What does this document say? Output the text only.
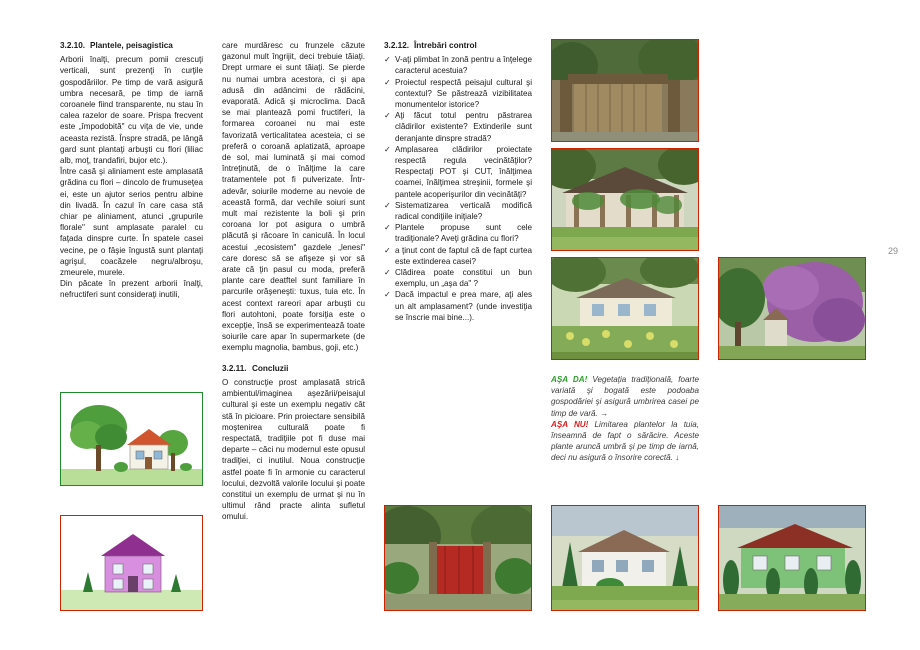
3.2.10. Plantele, peisagistica

Arborii înalţi, precum pomii crescuţi verticali, sunt prezenţi în curţile gospodăriilor. Pe timp de vară asigură umbra necesară, pe timp de iarnă coroanele fiind transparente, nu stau în calea razelor de soare. Prispa frecvent este „împodobită" cu viţa de vie, unde aceasta rezistă. Înspre stradă, pe lângă gard sunt plantaţi arbuşti cu flori (liliac alb, moţ, trandafiri, bujor etc.).

Între casă şi aliniament este amplasată grădina cu flori – dincolo de frumuseţea ei, este un ajutor serios pentru albine din livadă. În cazul în care casa stă chiar pe aliniament, atunci „grupurile florale" sunt amplasate paralel cu faţada dinspre curte. În spatele casei vecine, pe o fâşie îngustă sunt plantaţi agrişul, coacăzele negru/albroşu, zmeurele, murele.

Din păcate în prezent arborii înalţi, nefructiferi sunt consideraţi inutili,

care murdăresc cu frunzele căzute gazonul mult îngrijit, deci trebuie tăiaţi. Drept urmare ei sunt tăiaţi. Se pierde nu numai umbra acestora, ci şi apa adusă din adâncimi de rădăcini, evaporată. Adică şi microclima. Dacă se mai plantează pomi fructiferi, la formarea coroanei nu mai este favorizată verticalitatea acesteia, ci se preferă o coroană aplatizată, aproape de sol, mai luminată şi mai comod întreţinută, de o înălţime la care tratamentele pot fi pulverizate. Într-adevăr, soiurile moderne au nevoie de această formă, dar vechile soiuri sunt mult mai rezistente la boli şi prin coroana lor pot asigura o umbră plăcută şi răcoare în caniculă. În locul acestui „ecosistem" gazdele „lenesi" care doresc să se afişeze şi vor să arate că ţin pasul cu moda, preferă plante care deatftel sunt familiare în parcurile orăşeneşti: tuxus, tuia etc. În acest context rareori apar arbuşti cu flori autohtoni, poate forsiţia este o excepţie, însă se experimentează toate soiurile care apar în supermarkete (de exemplu magnolia, bambus, goji, etc.)

3.2.11. Concluzii

O construcţie prost amplasată strică ambientul/imaginea aşezării/peisajul cultural şi este un exemplu negativ cât stă în picioare. Prin proiectare sensibilă moştenirea culturală poate fi respectată, tradiţiile pot fi duse mai departe – căci nu modernul este opusul tradiţiei, ci inutilul. Noua construcţie astfel poate fi în armonie cu caracterul locului, dezvoltă valorile locului şi poate constitui un exemplu de urmat şi nu în ultimul rând practe alinta sufletul omului.

3.2.12. Întrebări control
✓ V-aţi plimbat în zonă pentru a înţelege caracterul acestuia?
✓ Proiectul respectă peisajul cultural şi contextul? Se păstrează vizibilitatea monumentelor istorice?
✓ Aţi făcut totul pentru păstrarea clădirilor existente? Extinderile sunt deranjante dinspre stradă?
✓ Amplasarea clădirilor proiectate respectă regula vecinătăţilor? Respectaţi POT şi CUT, înălţimea coamei, înălţimea streşinii, formele şi pantele acoperişurilor din vecinătăţi?
✓ Sistematizarea verticală modifică radical condiţiile iniţiale?
✓ Plantele propuse sunt cele tradiţionale? Aveţi grădina cu flori?
✓ a ţinut cont de faptul că de fapt curtea este extinderea casei?
✓ Clădirea poate constitui un bun exemplu, un „aşa da" ?
✓ Dacă impactul e prea mare, aţi ales un alt amplasament? (unde investiţia se înscrie mai bine...).
AŞA DA! Vegetaţia tradiţională, foarte variată şi bogată este podoaba gospodăriei şi asigură umbrirea casei pe timp de vară. →
AŞA NU! Limitarea plantelor la tuia, înseamnă de fapt o sărăcire. Aceste plante aruncă umbră şi pe timp de iarnă, deci nu asigură o însorire corectă. ↓
29
